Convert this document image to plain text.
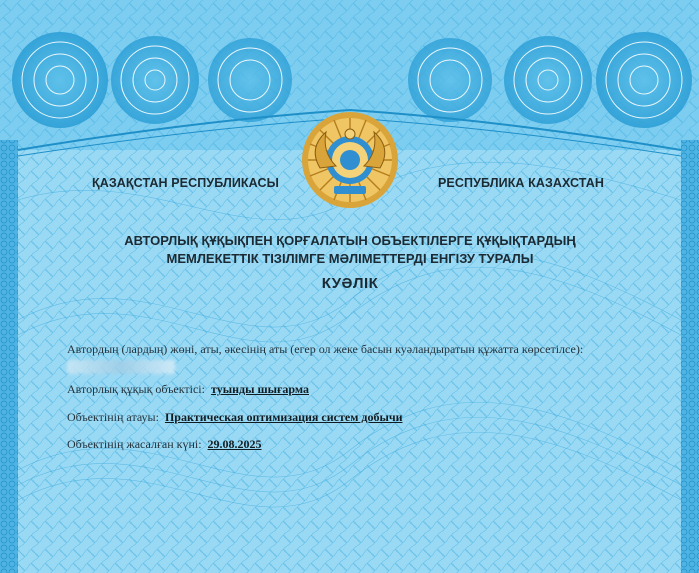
ҚАЗАҚСТАН РЕСПУБЛИКАСЫ	РЕСПУБЛИКА КАЗАХСТАН
АВТОРЛЫҚ ҚҰҚЫҚПЕН ҚОРҒАЛАТЫН ОБЪЕКТІЛЕРГЕ ҚҰҚЫҚТАРДЫҢ
МЕМЛЕКЕТТІК ТІЗІЛІМГЕ МӘЛІМЕТТЕРДІ ЕНГІЗУ ТУРАЛЫ
КУӘЛІК
Автордың (лардың) жөні, аты, әкесінің аты (егер ол жеке басын куәландыратын құжатта көрсетілсе):
Авторлық құқық объектісі: туынды шығарма
Объектінің атауы: Практическая оптимизация систем добычи
Объектінің жасалған күні: 29.08.2025
